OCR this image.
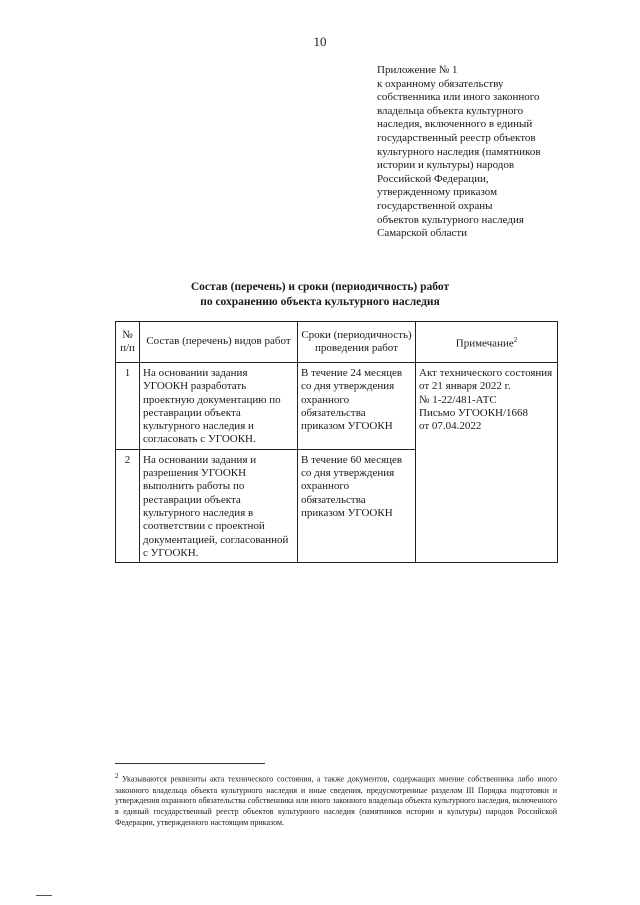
10
Приложение № 1
к охранному обязательству
собственника или иного законного
владельца объекта культурного
наследия, включенного в единый
государственный реестр объектов
культурного наследия (памятников
истории и культуры) народов
Российской Федерации,
утвержденному приказом
государственной охраны
объектов культурного наследия
Самарской области
Состав (перечень) и сроки (периодичность) работ
по сохранению объекта культурного наследия
№ п/п	Состав (перечень) видов работ	Сроки (периодичность) проведения работ	Примечание$^2$
1	На основании задания УГООКН разработать проектную документацию по реставрации объекта культурного наследия и согласовать с УГООКН.	В течение 24 месяцев со дня утверждения охранного обязательства приказом УГООКН	Акт технического состояния
от 21 января 2022 г.
№ 1-22/481-АТС
Письмо УГООКН/1668
от 07.04.2022

2	На основании задания и разрешения УГООКН выполнить работы по реставрации объекта культурного наследия в соответствии с проектной документацией, согласованной с УГООКН.	В течение 60 месяцев со дня утверждения охранного обязательства приказом УГООКН	
$^2$ Указываются реквизиты акта технического состояния, а также документов, содержащих мнение собственника либо иного законного владельца объекта культурного наследия и иные сведения, предусмотренные разделом III Порядка подготовки и утверждения охранного обязательства собственника или иного законного владельца объекта культурного наследия, включенного в единый государственный реестр объектов культурного наследия (памятников истории и культуры) народов Российской Федерации, утвержденного настоящим приказом.
